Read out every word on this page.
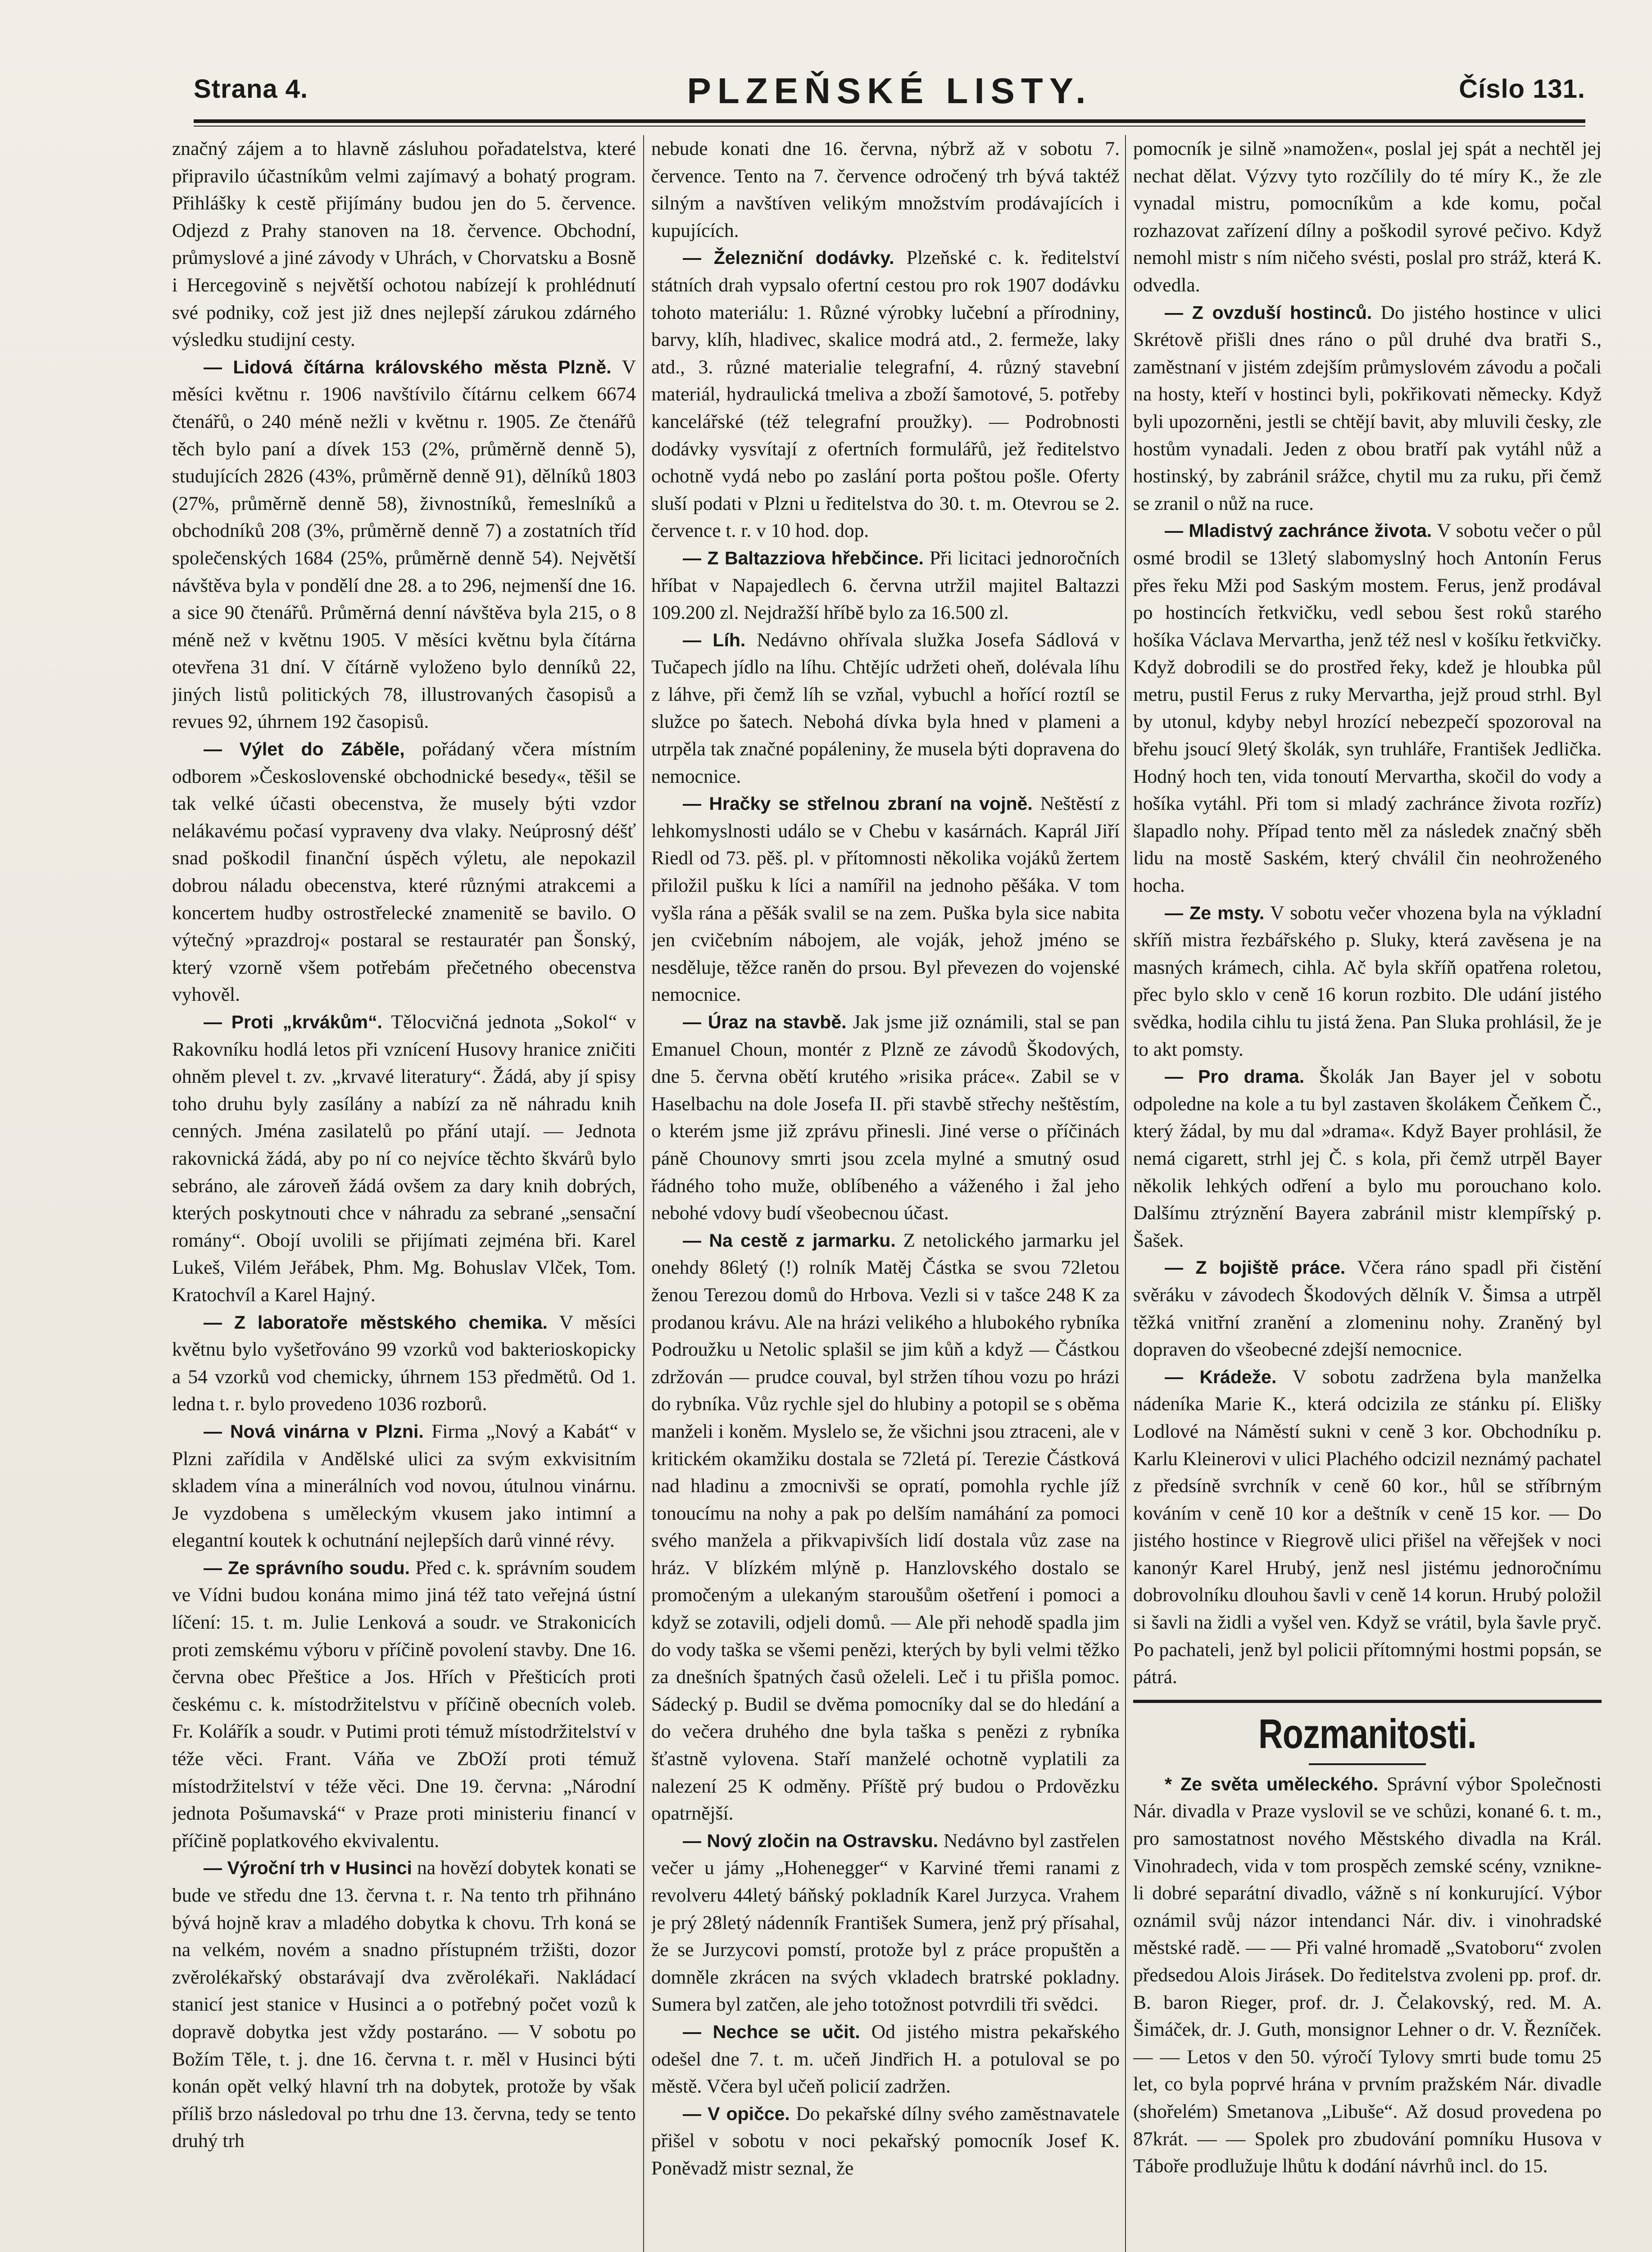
Strana 4.	PLZEŇSKÉ LISTY.	Číslo 131.

značný zájem a to hlavně zásluhou pořadatelstva, které připravilo účastníkům velmi zajímavý a bohatý program. Přihlášky k cestě přijímány budou jen do 5. července. Odjezd z Prahy stanoven na 18. července. Obchodní, průmyslové a jiné závody v Uhrách, v Chorvatsku a Bosně i Hercegovině s největší ochotou nabízejí k prohlédnutí své podniky, což jest již dnes nejlepší zárukou zdárného výsledku studijní cesty.

— Lidová čítárna královského města Plzně. V měsíci květnu r. 1906 navštívilo čítárnu celkem 6674 čtenářů, o 240 méně nežli v květnu r. 1905. Ze čtenářů těch bylo paní a dívek 153 (2%, průměrně denně 5), studujících 2826 (43%, průměrně denně 91), dělníků 1803 (27%, průměrně denně 58), živnostníků, řemeslníků a obchodníků 208 (3%, průměrně denně 7) a zostatních tříd společenských 1684 (25%, průměrně denně 54). Největší návštěva byla v pondělí dne 28. a to 296, nejmenší dne 16. a sice 90 čtenářů. Průměrná denní návštěva byla 215, o 8 méně než v květnu 1905. V měsíci květnu byla čítárna otevřena 31 dní. V čítárně vyloženo bylo denníků 22, jiných listů politických 78, illustrovaných časopisů a revues 92, úhrnem 192 časopisů.

— Výlet do Záběle, pořádaný včera místním odborem »Československé obchodnické besedy«, těšil se tak velké účasti obecenstva, že musely býti vzdor nelákavému počasí vypraveny dva vlaky. Neúprosný déšť snad poškodil finanční úspěch výletu, ale nepokazil dobrou náladu obecenstva, které různými atrakcemi a koncertem hudby ostrostřelecké znamenitě se bavilo. O výtečný »prazdroj« postaral se restauratér pan Šonský, který vzorně všem potřebám přečetného obecenstva vyhověl.

— Proti „krvákům“. Tělocvičná jednota „Sokol“ v Rakovníku hodlá letos při vznícení Husovy hranice zničiti ohněm plevel t. zv. „krvavé literatury“. Žádá, aby jí spisy toho druhu byly zasílány a nabízí za ně náhradu knih cenných. Jména zasilatelů po přání utají. — Jednota rakovnická žádá, aby po ní co nejvíce těchto škvárů bylo sebráno, ale zároveň žádá ovšem za dary knih dobrých, kterých poskytnouti chce v náhradu za sebrané „sensační romány“. Obojí uvolili se přijímati zejména bři. Karel Lukeš, Vilém Jeřábek, Phm. Mg. Bohuslav Vlček, Tom. Kratochvíl a Karel Hajný.

— Z laboratoře městského chemika. V měsíci květnu bylo vyšetřováno 99 vzorků vod bakterioskopicky a 54 vzorků vod chemicky, úhrnem 153 předmětů. Od 1. ledna t. r. bylo provedeno 1036 rozborů.

— Nová vinárna v Plzni. Firma „Nový a Kabát“ v Plzni zařídila v Andělské ulici za svým exkvisitním skladem vína a minerálních vod novou, útulnou vinárnu. Je vyzdobena s uměleckým vkusem jako intimní a elegantní koutek k ochutnání nejlepších darů vinné révy.

— Ze správního soudu. Před c. k. správním soudem ve Vídni budou konána mimo jiná též tato veřejná ústní líčení: 15. t. m. Julie Lenková a soudr. ve Strakonicích proti zemskému výboru v příčině povolení stavby. Dne 16. června obec Přeštice a Jos. Hřích v Přešticích proti českému c. k. místodržitelstvu v příčině obecních voleb. Fr. Kolářík a soudr. v Putimi proti témuž místodržitelství v téže věci. Frant. Váňa ve ZbOží proti témuž místodržitelství v téže věci. Dne 19. června: „Národní jednota Pošumavská“ v Praze proti ministeriu financí v příčině poplatkového ekvivalentu.

— Výroční trh v Husinci na hovězí dobytek konati se bude ve středu dne 13. června t. r. Na tento trh přihnáno bývá hojně krav a mladého dobytka k chovu. Trh koná se na velkém, novém a snadno přístupném tržišti, dozor zvěrolékařský obstarávají dva zvěrolékaři. Nakládací stanicí jest stanice v Husinci a o potřebný počet vozů k dopravě dobytka jest vždy postaráno. — V sobotu po Božím Těle, t. j. dne 16. června t. r. měl v Husinci býti konán opět velký hlavní trh na dobytek, protože by však příliš brzo následoval po trhu dne 13. června, tedy se tento druhý trh

nebude konati dne 16. června, nýbrž až v sobotu 7. července. Tento na 7. července odročený trh bývá taktéž silným a navštíven velikým množstvím prodávajících i kupujících.

— Železniční dodávky. Plzeňské c. k. ředitelství státních drah vypsalo ofertní cestou pro rok 1907 dodávku tohoto materiálu: 1. Různé výrobky lučební a přírodniny, barvy, klíh, hladivec, skalice modrá atd., 2. fermeže, laky atd., 3. různé materialie telegrafní, 4. různý stavební materiál, hydraulická tmeliva a zboží šamotové, 5. potřeby kancelářské (též telegrafní proužky). — Podrobnosti dodávky vysvítají z ofertních formulářů, jež ředitelstvo ochotně vydá nebo po zaslání porta poštou pošle. Oferty sluší podati v Plzni u ředitelstva do 30. t. m. Otevrou se 2. července t. r. v 10 hod. dop.

— Z Baltazziova hřebčince. Při licitaci jednoročních hříbat v Napajedlech 6. června utržil majitel Baltazzi 109.200 zl. Nejdražší hříbě bylo za 16.500 zl.

— Líh. Nedávno ohřívala služka Josefa Sádlová v Tučapech jídlo na líhu. Chtějíc udržeti oheň, dolévala líhu z láhve, při čemž líh se vzňal, vybuchl a hořící roztíl se služce po šatech. Nebohá dívka byla hned v plameni a utrpěla tak značné popáleniny, že musela býti dopravena do nemocnice.

— Hračky se střelnou zbraní na vojně. Neštěstí z lehkomyslnosti událo se v Chebu v kasárnách. Kaprál Jiří Riedl od 73. pěš. pl. v přítomnosti několika vojáků žertem přiložil pušku k líci a namířil na jednoho pěšáka. V tom vyšla rána a pěšák svalil se na zem. Puška byla sice nabita jen cvičebním nábojem, ale voják, jehož jméno se nesděluje, těžce raněn do prsou. Byl převezen do vojenské nemocnice.

— Úraz na stavbě. Jak jsme již oznámili, stal se pan Emanuel Choun, montér z Plzně ze závodů Škodových, dne 5. června obětí krutého »risika práce«. Zabil se v Haselbachu na dole Josefa II. při stavbě střechy neštěstím, o kterém jsme již zprávu přinesli. Jiné verse o příčinách páně Chounovy smrti jsou zcela mylné a smutný osud řádného toho muže, oblíbeného a váženého i žal jeho nebohé vdovy budí všeobecnou účast.

— Na cestě z jarmarku. Z netolického jarmarku jel onehdy 86letý (!) rolník Matěj Částka se svou 72letou ženou Terezou domů do Hrbova. Vezli si v tašce 248 K za prodanou krávu. Ale na hrázi velikého a hlubokého rybníka Podroužku u Netolic splašil se jim kůň a když — Částkou zdržován — prudce couval, byl stržen tíhou vozu po hrázi do rybníka. Vůz rychle sjel do hlubiny a potopil se s oběma manželi i koněm. Myslelo se, že všichni jsou ztraceni, ale v kritickém okamžiku dostala se 72letá pí. Terezie Částková nad hladinu a zmocnivši se opratí, pomohla rychle jíž tonoucímu na nohy a pak po delším namáhání za pomoci svého manžela a přikvapivších lidí dostala vůz zase na hráz. V blízkém mlýně p. Hanzlovského dostalo se promočeným a ulekaným staroušům ošetření i pomoci a když se zotavili, odjeli domů. — Ale při nehodě spadla jim do vody taška se všemi penězi, kterých by byli velmi těžko za dnešních špatných časů oželeli. Leč i tu přišla pomoc. Sádecký p. Budil se dvěma pomocníky dal se do hledání a do večera druhého dne byla taška s penězi z rybníka šťastně vylovena. Staří manželé ochotně vyplatili za nalezení 25 K odměny. Příště prý budou o Prdovězku opatrnější.

— Nový zločin na Ostravsku. Nedávno byl zastřelen večer u jámy „Hohenegger“ v Karviné třemi ranami z revolveru 44letý báňský pokladník Karel Jurzyca. Vrahem je prý 28letý nádenník František Sumera, jenž prý přísahal, že se Jurzycovi pomstí, protože byl z práce propuštěn a domněle zkrácen na svých vkladech bratrské pokladny. Sumera byl zatčen, ale jeho totožnost potvrdili tři svědci.

— Nechce se učit. Od jistého mistra pekařského odešel dne 7. t. m. učeň Jindřich H. a potuloval se po městě. Včera byl učeň policií zadržen.

— V opičce. Do pekařské dílny svého zaměstnavatele přišel v sobotu v noci pekařský pomocník Josef K. Poněvadž mistr seznal, že

pomocník je silně »namožen«, poslal jej spát a nechtěl jej nechat dělat. Výzvy tyto rozčílily do té míry K., že zle vynadal mistru, pomocníkům a kde komu, počal rozhazovat zařízení dílny a poškodil syrové pečivo. Když nemohl mistr s ním ničeho svésti, poslal pro stráž, která K. odvedla.

— Z ovzduší hostinců. Do jistého hostince v ulici Skrétově přišli dnes ráno o půl druhé dva bratři S., zaměstnaní v jistém zdejším průmyslovém závodu a počali na hosty, kteří v hostinci byli, pokřikovati německy. Když byli upozorněni, jestli se chtějí bavit, aby mluvili česky, zle hostům vynadali. Jeden z obou bratří pak vytáhl nůž a hostinský, by zabránil srážce, chytil mu za ruku, při čemž se zranil o nůž na ruce.

— Mladistvý zachránce života. V sobotu večer o půl osmé brodil se 13letý slabomyslný hoch Antonín Ferus přes řeku Mži pod Saským mostem. Ferus, jenž prodával po hostincích řetkvičku, vedl sebou šest roků starého hošíka Václava Mervartha, jenž též nesl v košíku řetkvičky. Když dobrodili se do prostřed řeky, kdež je hloubka půl metru, pustil Ferus z ruky Mervartha, jejž proud strhl. Byl by utonul, kdyby nebyl hrozící nebezpečí spozoroval na břehu jsoucí 9letý školák, syn truhláře, František Jedlička. Hodný hoch ten, vida tonoutí Mervartha, skočil do vody a hošíka vytáhl. Při tom si mladý zachránce života rozříz) šlapadlo nohy. Případ tento měl za následek značný sběh lidu na mostě Saském, který chválil čin neohroženého hocha.

— Ze msty. V sobotu večer vhozena byla na výkladní skříň mistra řezbářského p. Sluky, která zavěsena je na masných krámech, cihla. Ač byla skříň opatřena roletou, přec bylo sklo v ceně 16 korun rozbito. Dle udání jistého svědka, hodila cihlu tu jistá žena. Pan Sluka prohlásil, že je to akt pomsty.

— Pro drama. Školák Jan Bayer jel v sobotu odpoledne na kole a tu byl zastaven školákem Čeňkem Č., který žádal, by mu dal »drama«. Když Bayer prohlásil, že nemá cigarett, strhl jej Č. s kola, při čemž utrpěl Bayer několik lehkých odření a bylo mu porouchano kolo. Dalšímu ztrýznění Bayera zabránil mistr klempířský p. Šašek.

— Z bojiště práce. Včera ráno spadl při čistění svěráku v závodech Škodových dělník V. Šimsa a utrpěl těžká vnitřní zranění a zlomeninu nohy. Zraněný byl dopraven do všeobecné zdejší nemocnice.

— Krádeže. V sobotu zadržena byla manželka nádeníka Marie K., která odcizila ze stánku pí. Elišky Lodlové na Náměstí sukni v ceně 3 kor. Obchodníku p. Karlu Kleinerovi v ulici Plachého odcizil neznámý pachatel z předsíně svrchník v ceně 60 kor., hůl se stříbrným kováním v ceně 10 kor a deštník v ceně 15 kor. — Do jistého hostince v Riegrově ulici přišel na věřejšek v noci kanonýr Karel Hrubý, jenž nesl jistému jednoročnímu dobrovolníku dlouhou šavli v ceně 14 korun. Hrubý položil si šavli na židli a vyšel ven. Když se vrátil, byla šavle pryč. Po pachateli, jenž byl policii přítomnými hostmi popsán, se pátrá.

Rozmanitosti.

* Ze světa uměleckého. Správní výbor Společnosti Nár. divadla v Praze vyslovil se ve schůzi, konané 6. t. m., pro samostatnost nového Městského divadla na Král. Vinohradech, vida v tom prospěch zemské scény, vznikne-li dobré separátní divadlo, vážně s ní konkurující. Výbor oznámil svůj názor intendanci Nár. div. i vinohradské městské radě. — — Při valné hromadě „Svatoboru“ zvolen předsedou Alois Jirásek. Do ředitelstva zvoleni pp. prof. dr. B. baron Rieger, prof. dr. J. Čelakovský, red. M. A. Šimáček, dr. J. Guth, monsignor Lehner o dr. V. Řezníček. — — Letos v den 50. výročí Tylovy smrti bude tomu 25 let, co byla poprvé hrána v prvním pražském Nár. divadle (shořelém) Smetanova „Libuše“. Až dosud provedena po 87krát. — — Spolek pro zbudování pomníku Husova v Táboře prodlužuje lhůtu k dodání návrhů incl. do 15.
